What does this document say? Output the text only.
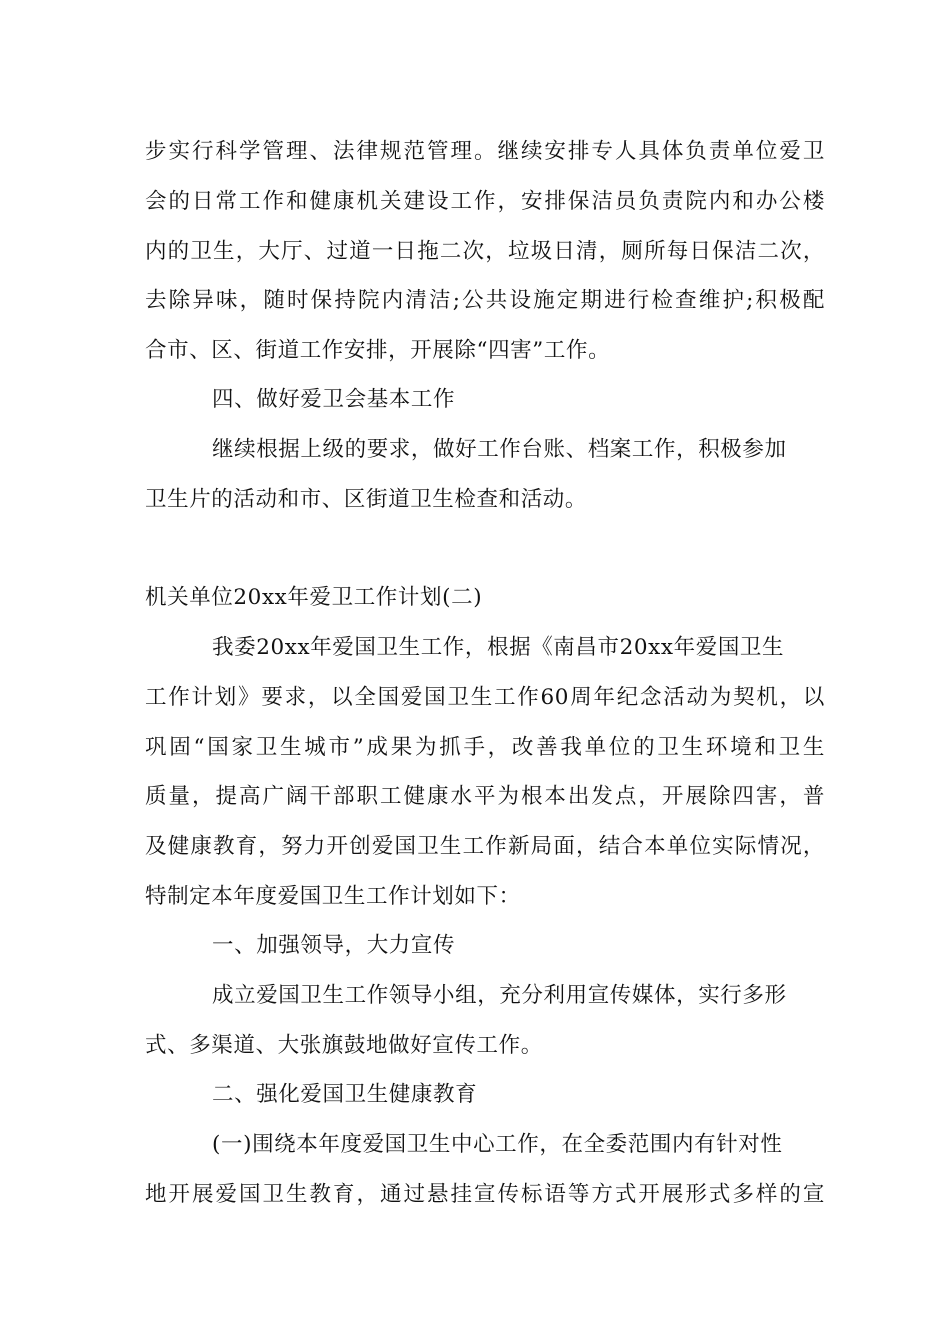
步实行科学管理、法律规范管理。继续安排专人具体负责单位爱卫
会的日常工作和健康机关建设工作，安排保洁员负责院内和办公楼
内的卫生，大厅、过道一日拖二次，垃圾日清，厕所每日保洁二次，
去除异味，随时保持院内清洁;公共设施定期进行检查维护;积极配
合市、区、街道工作安排，开展除“四害”工作。
四、做好爱卫会基本工作
继续根据上级的要求，做好工作台账、档案工作，积极参加
卫生片的活动和市、区街道卫生检查和活动。
机关单位20xx年爱卫工作计划(二)
我委20xx年爱国卫生工作，根据《南昌市20xx年爱国卫生
工作计划》要求，以全国爱国卫生工作60周年纪念活动为契机，以
巩固“国家卫生城市”成果为抓手，改善我单位的卫生环境和卫生
质量，提高广阔干部职工健康水平为根本出发点，开展除四害，普
及健康教育，努力开创爱国卫生工作新局面，结合本单位实际情况，
特制定本年度爱国卫生工作计划如下：
一、加强领导，大力宣传
成立爱国卫生工作领导小组，充分利用宣传媒体，实行多形
式、多渠道、大张旗鼓地做好宣传工作。
二、强化爱国卫生健康教育
(一)围绕本年度爱国卫生中心工作，在全委范围内有针对性
地开展爱国卫生教育，通过悬挂宣传标语等方式开展形式多样的宣
